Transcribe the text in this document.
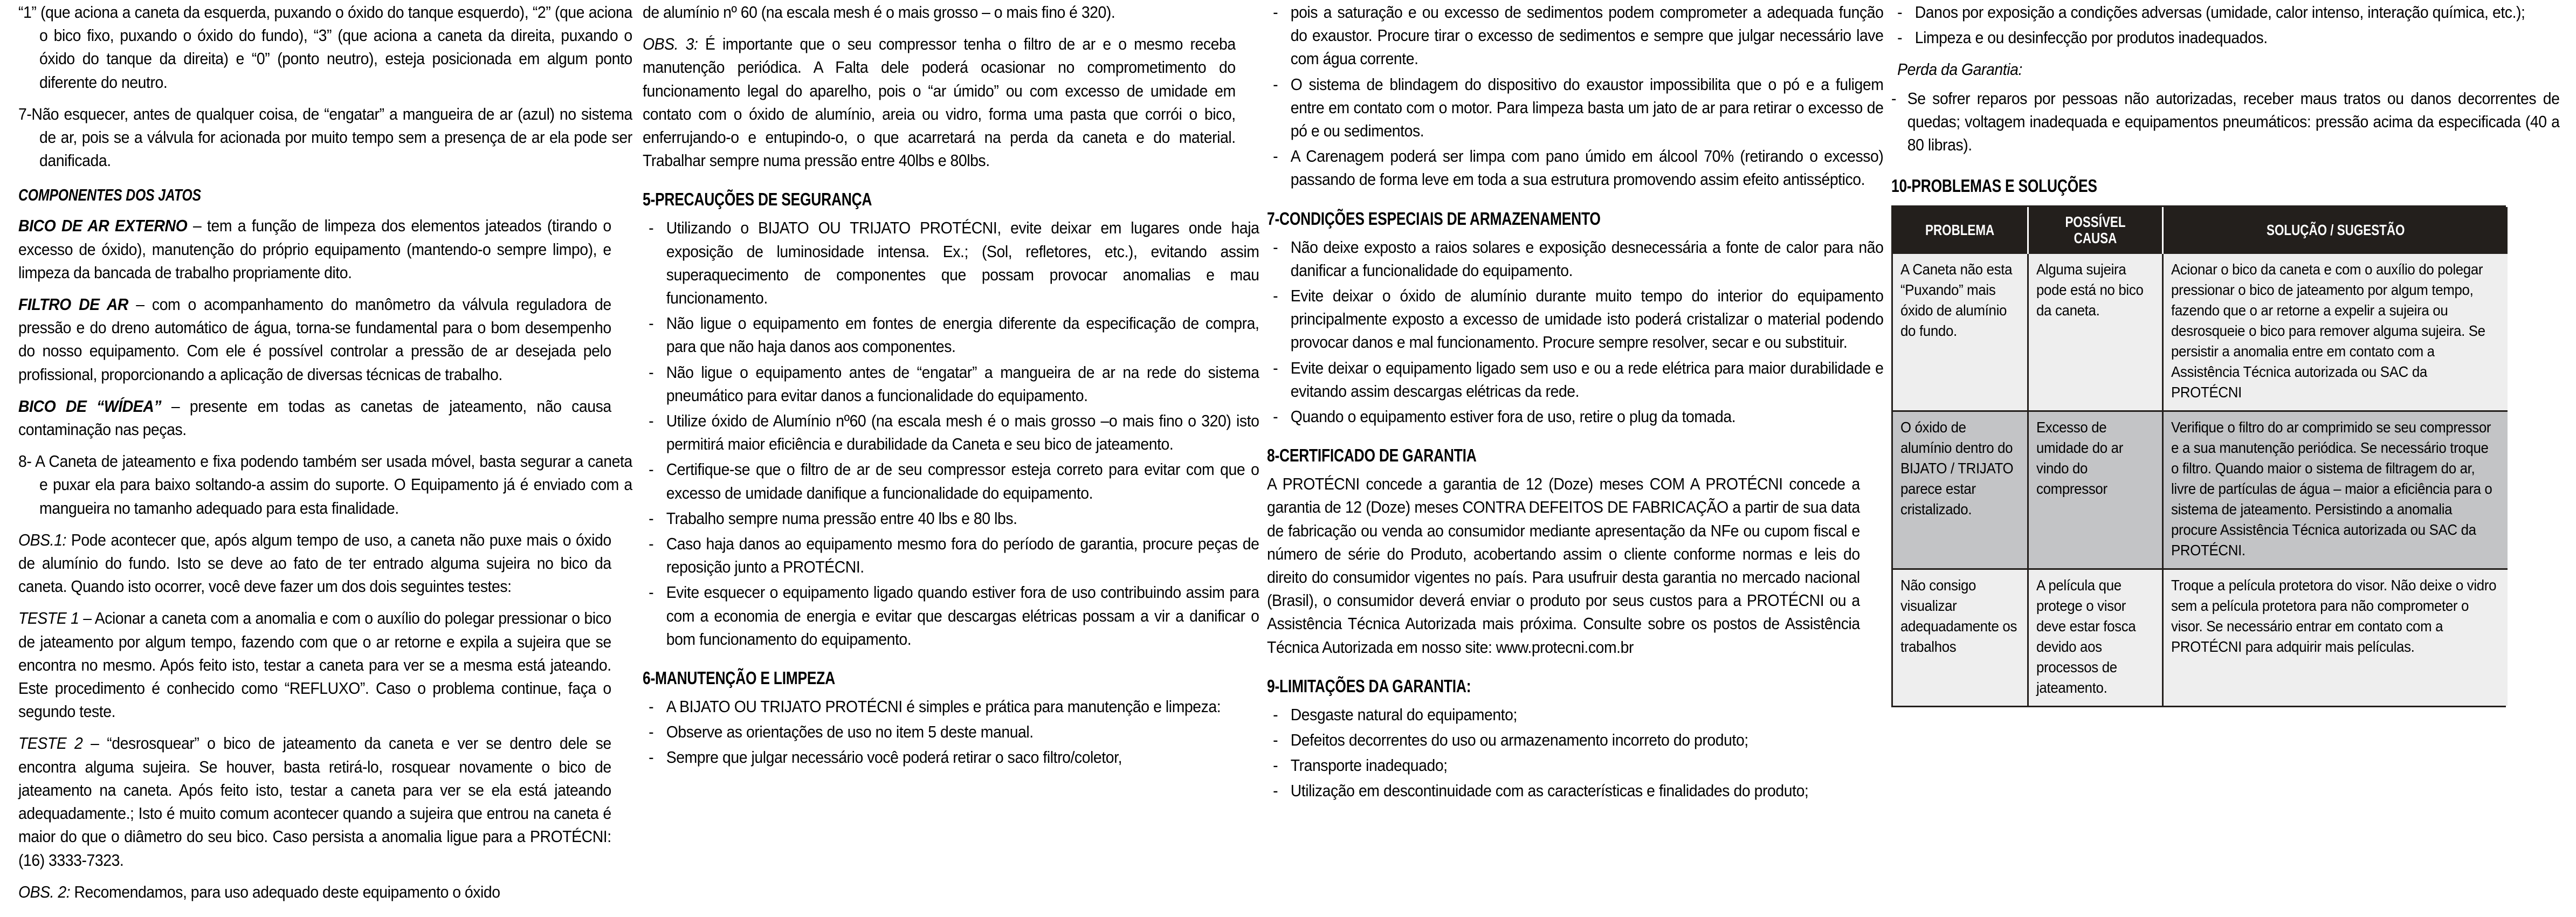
“1” (que aciona a caneta da esquerda, puxando o óxido do tanque esquerdo), “2” (que aciona o bico fixo, puxando o óxido do fundo), “3” (que aciona a caneta da direita, puxando o óxido do tanque da direita) e “0” (ponto neutro), esteja posicionada em algum ponto diferente do neutro.

7-Não esquecer, antes de qualquer coisa, de “engatar” a mangueira de ar (azul) no sistema de ar, pois se a válvula for acionada por muito tempo sem a presença de ar ela pode ser danificada.

COMPONENTES DOS JATOS

BICO DE AR EXTERNO – tem a função de limpeza dos elementos jateados (tirando o excesso de óxido), manutenção do próprio equipamento (mantendo-o sempre limpo), e limpeza da bancada de trabalho propriamente dito.

FILTRO DE AR – com o acompanhamento do manômetro da válvula reguladora de pressão e do dreno automático de água, torna-se fundamental para o bom desempenho do nosso equipamento. Com ele é possível controlar a pressão de ar desejada pelo profissional, proporcionando a aplicação de diversas técnicas de trabalho.

BICO DE “WÍDEA” – presente em todas as canetas de jateamento, não causa contaminação nas peças.

8- A Caneta de jateamento e fixa podendo também ser usada móvel, basta segurar a caneta e puxar ela para baixo soltando-a assim do suporte. O Equipamento já é enviado com a mangueira no tamanho adequado para esta finalidade.

OBS.1: Pode acontecer que, após algum tempo de uso, a caneta não puxe mais o óxido de alumínio do fundo. Isto se deve ao fato de ter entrado alguma sujeira no bico da caneta. Quando isto ocorrer, você deve fazer um dos dois seguintes testes:

TESTE 1 – Acionar a caneta com a anomalia e com o auxílio do polegar pressionar o bico de jateamento por algum tempo, fazendo com que o ar retorne e expila a sujeira que se encontra no mesmo. Após feito isto, testar a caneta para ver se a mesma está jateando. Este procedimento é conhecido como “REFLUXO”. Caso o problema continue, faça o segundo teste.

TESTE 2 – “desrosquear” o bico de jateamento da caneta e ver se dentro dele se encontra alguma sujeira. Se houver, basta retirá-lo, rosquear novamente o bico de jateamento na caneta. Após feito isto, testar a caneta para ver se ela está jateando adequadamente.; Isto é muito comum acontecer quando a sujeira que entrou na caneta é maior do que o diâmetro do seu bico. Caso persista a anomalia ligue para a PROTÉCNI: (16) 3333-7323.

OBS. 2: Recomendamos, para uso adequado deste equipamento o óxido

de alumínio nº 60 (na escala mesh é o mais grosso – o mais fino é 320).

OBS. 3: É importante que o seu compressor tenha o filtro de ar e o mesmo receba manutenção periódica. A Falta dele poderá ocasionar no comprometimento do funcionamento legal do aparelho, pois o “ar úmido” ou com excesso de umidade em contato com o óxido de alumínio, areia ou vidro, forma uma pasta que corrói o bico, enferrujando-o e entupindo-o, o que acarretará na perda da caneta e do material. Trabalhar sempre numa pressão entre 40lbs e 80lbs.

5-PRECAUÇÕES DE SEGURANÇA
- Utilizando o BIJATO OU TRIJATO PROTÉCNI, evite deixar em lugares onde haja exposição de luminosidade intensa. Ex.; (Sol, refletores, etc.), evitando assim superaquecimento de componentes que possam provocar anomalias e mau funcionamento.
- Não ligue o equipamento em fontes de energia diferente da especificação de compra, para que não haja danos aos componentes.
- Não ligue o equipamento antes de “engatar” a mangueira de ar na rede do sistema pneumático para evitar danos a funcionalidade do equipamento.
- Utilize óxido de Alumínio nº60 (na escala mesh é o mais grosso –o mais fino o 320) isto permitirá maior eficiência e durabilidade da Caneta e seu bico de jateamento.
- Certifique-se que o filtro de ar de seu compressor esteja correto para evitar com que o excesso de umidade danifique a funcionalidade do equipamento.
- Trabalho sempre numa pressão entre 40 lbs e 80 lbs.
- Caso haja danos ao equipamento mesmo fora do período de garantia, procure peças de reposição junto a PROTÉCNI.
- Evite esquecer o equipamento ligado quando estiver fora de uso contribuindo assim para com a economia de energia e evitar que descargas elétricas possam a vir a danificar o bom funcionamento do equipamento.
6-MANUTENÇÃO E LIMPEZA
- A BIJATO OU TRIJATO PROTÉCNI é simples e prática para manutenção e limpeza:
- Observe as orientações de uso no item 5 deste manual.
- Sempre que julgar necessário você poderá retirar o saco filtro/coletor,
- pois a saturação e ou excesso de sedimentos podem comprometer a adequada função do exaustor. Procure tirar o excesso de sedimentos e sempre que julgar necessário lave com água corrente.
- O sistema de blindagem do dispositivo do exaustor impossibilita que o pó e a fuligem entre em contato com o motor. Para limpeza basta um jato de ar para retirar o excesso de pó e ou sedimentos.
- A Carenagem poderá ser limpa com pano úmido em álcool 70% (retirando o excesso) passando de forma leve em toda a sua estrutura promovendo assim efeito antisséptico.
7-CONDIÇÕES ESPECIAIS DE ARMAZENAMENTO
- Não deixe exposto a raios solares e exposição desnecessária a fonte de calor para não danificar a funcionalidade do equipamento.
- Evite deixar o óxido de alumínio durante muito tempo do interior do equipamento principalmente exposto a excesso de umidade isto poderá cristalizar o material podendo provocar danos e mal funcionamento. Procure sempre resolver, secar e ou substituir.
- Evite deixar o equipamento ligado sem uso e ou a rede elétrica para maior durabilidade e evitando assim descargas elétricas da rede.
- Quando o equipamento estiver fora de uso, retire o plug da tomada.
8-CERTIFICADO DE GARANTIA

A PROTÉCNI concede a garantia de 12 (Doze) meses COM A PROTÉCNI concede a garantia de 12 (Doze) meses CONTRA DEFEITOS DE FABRICAÇÃO a partir de sua data de fabricação ou venda ao consumidor mediante apresentação da NFe ou cupom fiscal e número de série do Produto, acobertando assim o cliente conforme normas e leis do direito do consumidor vigentes no país. Para usufruir desta garantia no mercado nacional (Brasil), o consumidor deverá enviar o produto por seus custos para a PROTÉCNI ou a Assistência Técnica Autorizada mais próxima. Consulte sobre os postos de Assistência Técnica Autorizada em nosso site: www.protecni.com.br

9-LIMITAÇÕES DA GARANTIA:
- Desgaste natural do equipamento;
- Defeitos decorrentes do uso ou armazenamento incorreto do produto;
- Transporte inadequado;
- Utilização em descontinuidade com as características e finalidades do produto;
- Danos por exposição a condições adversas (umidade, calor intenso, interação química, etc.);
- Limpeza e ou desinfecção por produtos inadequados.

Perda da Garantia:

- Se sofrer reparos por pessoas não autorizadas, receber maus tratos ou danos decorrentes de quedas; voltagem inadequada e equipamentos pneumáticos: pressão acima da especificada (40 a 80 libras).
10-PROBLEMAS E SOLUÇÕES
PROBLEMA	POSSÍVEL CAUSA	SOLUÇÃO / SUGESTÃO

A Caneta não esta “Puxando” mais óxido de alumínio do fundo.	Alguma sujeira pode está no bico da caneta.	Acionar o bico da caneta e com o auxílio do polegar pressionar o bico de jateamento por algum tempo, fazendo que o ar retorne a expelir a sujeira ou desrosqueie o bico para remover alguma sujeira. Se persistir a anomalia entre em contato com a Assistência Técnica autorizada ou SAC da PROTÉCNI

O óxido de alumínio dentro do BIJATO / TRIJATO parece estar cristalizado.	Excesso de umidade do ar vindo do compressor	Verifique o filtro do ar comprimido se seu compressor e a sua manutenção periódica. Se necessário troque o filtro. Quando maior o sistema de filtragem do ar, livre de partículas de água – maior a eficiência para o sistema de jateamento. Persistindo a anomalia procure Assistência Técnica autorizada ou SAC da PROTÉCNI.

Não consigo visualizar adequadamente os trabalhos	A película que protege o visor deve estar fosca devido aos processos de jateamento.	Troque a película protetora do visor. Não deixe o vidro sem a película protetora para não comprometer o visor. Se necessário entrar em contato com a PROTÉCNI para adquirir mais películas.
